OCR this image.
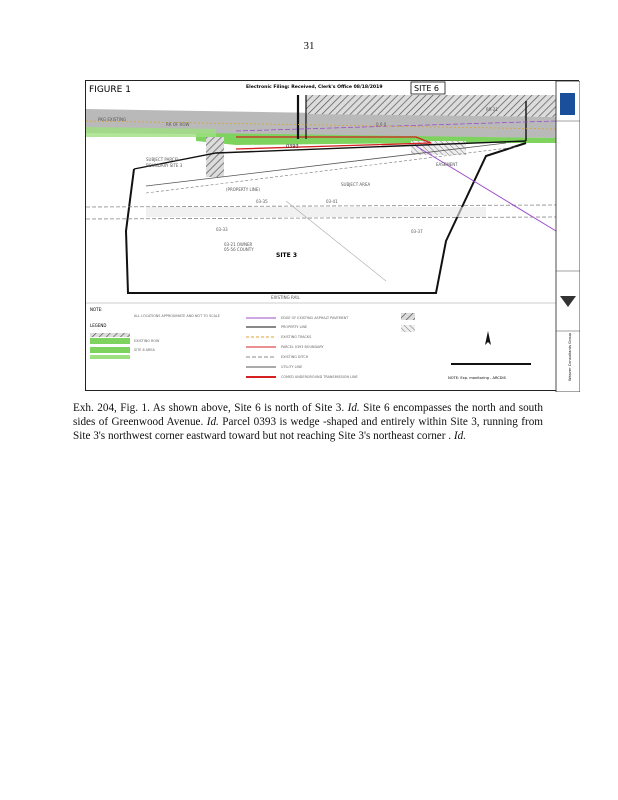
31
PKG EXISTING
RR OF ROW
SUBJECT PARCEL
BOUNDARY SITE 3
(PROPERTY LINE)
SUBJECT AREA
03-33	03-37
03-35	03-41
03-21 OWNER
05-56 COUNTY
EXISTING RAIL
EASEMENT
0 0 0
RR-21
ALL LOCATIONS APPROXIMATE AND NOT TO SCALE
EXISTING ROW
SITE 6 AREA
EDGE OF EXISTING ASPHALT PAVEMENT
PROPERTY LINE
EXISTING TRACKS
PARCEL 0393 BOUNDARY
EXISTING DITCH
UTILITY LINE
COMED UNDERGROUND TRANSMISSION LINE
FIGURE 1	Electronic Filing: Received, Clerk's Office 08/18/2019	SITE 6
SITE 3
0393
LEGEND
NOTE:
NOTE: Exp. monitoring - ARCDIS	Weaver Consultants Group
Exh. 204, Fig. 1. As shown above, Site 6 is north of Site 3. Id. Site 6 encompasses the north and south sides of Greenwood Avenue. Id. Parcel 0393 is wedge -shaped and entirely within Site 3, running from Site 3's northwest corner eastward toward but not reaching Site 3's northeast corner . Id.
